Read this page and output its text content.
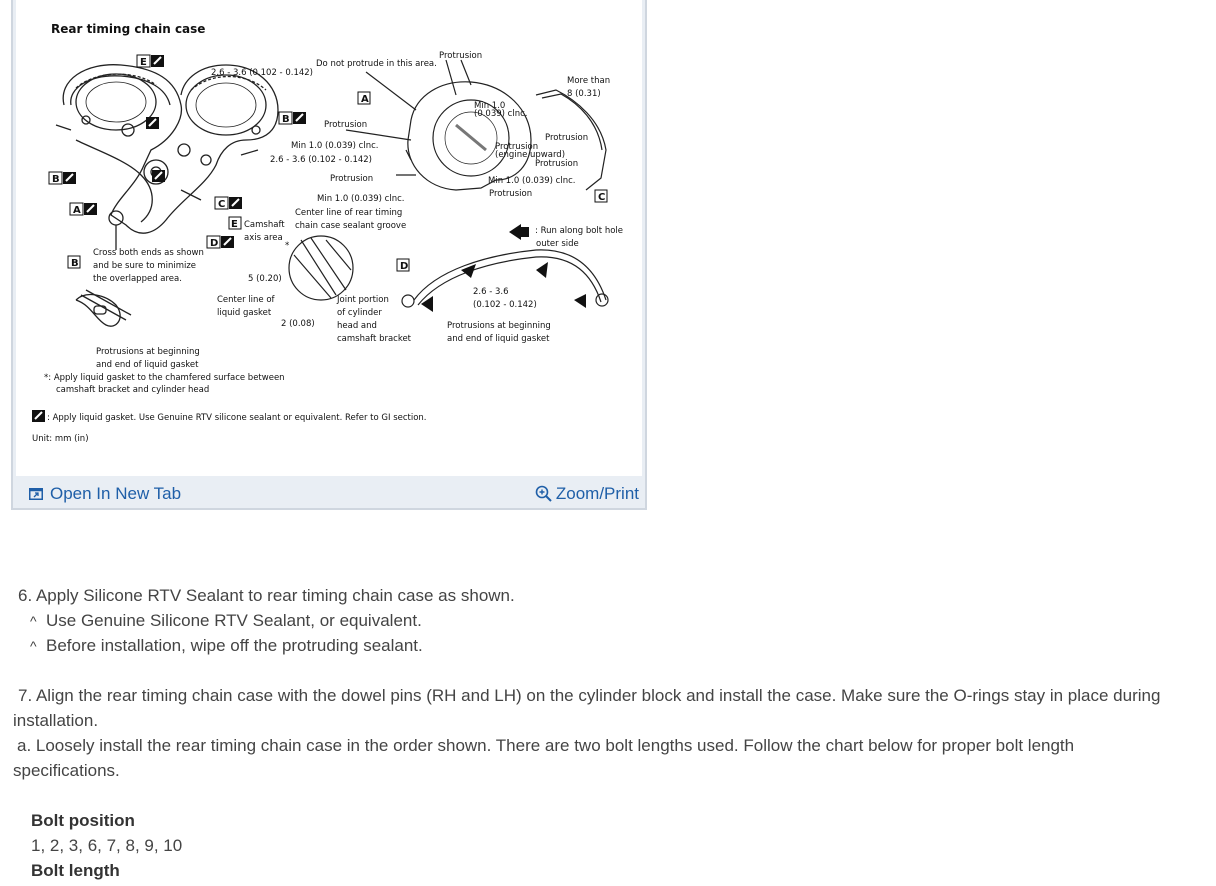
Rear timing chain case
E
B
B
A
C
D
E
B
A
C
D
2.6 - 3.6 (0.102 - 0.142)
Do not protrude in this area.
Protrusion
More than
8 (0.31)
Min 1.0
(0.039) clnc.
Protrusion
Min 1.0 (0.039) clnc.
2.6 - 3.6 (0.102 - 0.142)
Protrusion
Protrusion
Protrusion
(engine upward)
Protrusion
Min 1.0 (0.039) clnc.
Protrusion
Min 1.0 (0.039) clnc.
Center line of rear timing
chain case sealant groove
Camshaft
axis area
: Run along bolt hole
outer side
Cross both ends as shown
and be sure to minimize
the overlapped area.
*
5 (0.20)
Center line of
liquid gasket
2 (0.08)
Joint portion
of cylinder
head and
camshaft bracket
2.6 - 3.6
(0.102 - 0.142)
Protrusions at beginning
and end of liquid gasket
Protrusions at beginning
and end of liquid gasket
*: Apply liquid gasket to the chamfered surface between
camshaft bracket and cylinder head
: Apply liquid gasket. Use Genuine RTV silicone sealant or equivalent. Refer to GI section.
Unit: mm (in)
Open In New Tab	Zoom/Print
6. Apply Silicone RTV Sealant to rear timing chain case as shown.
^ Use Genuine Silicone RTV Sealant, or equivalent.
^ Before installation, wipe off the protruding sealant.
7. Align the rear timing chain case with the dowel pins (RH and LH) on the cylinder block and install the case. Make sure the O-rings stay in place during installation.
a. Loosely install the rear timing chain case in the order shown. There are two bolt lengths used. Follow the chart below for proper bolt length specifications.
Bolt position
1, 2, 3, 6, 7, 8, 9, 10
Bolt length
